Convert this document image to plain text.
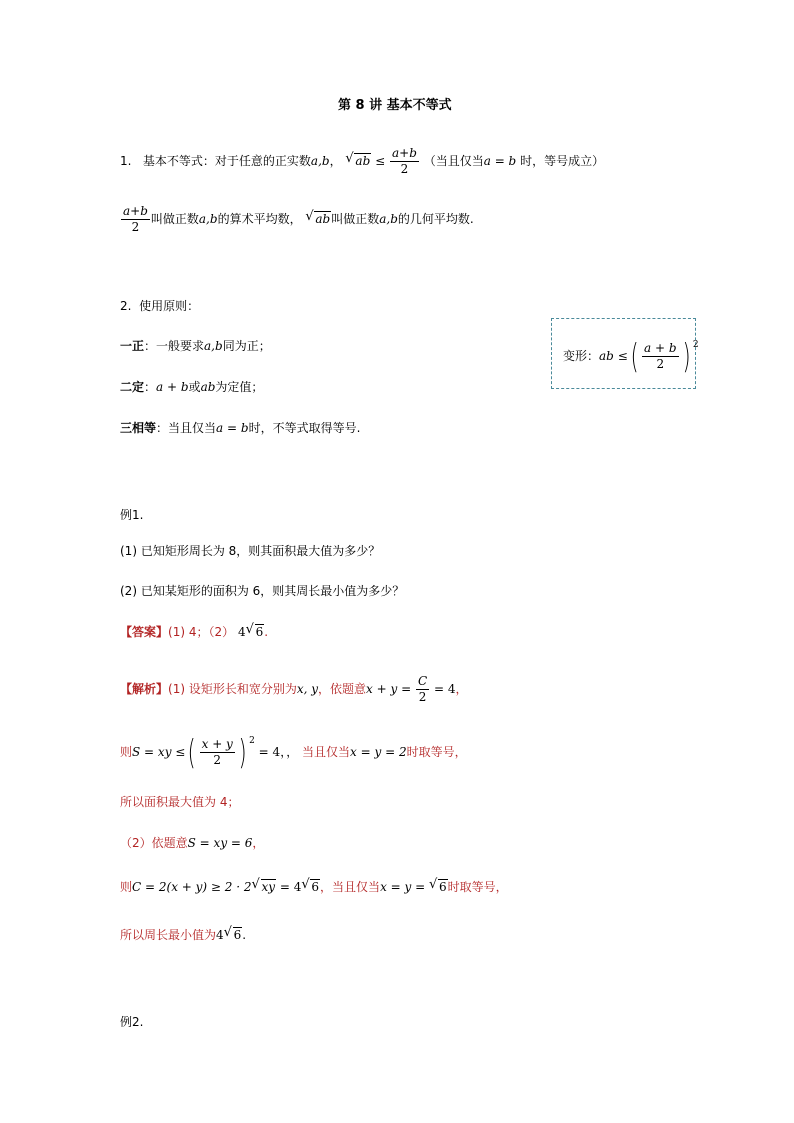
第 8 讲 基本不等式
1. 基本不等式：对于任意的正实数a,b， √ ab ≤ $\frac{a+b}{2}$ （当且仅当a = b 时，等号成立）
$\frac{a+b}{2}$ 叫做正数a,b的算术平均数， √ ab叫做正数a,b的几何平均数.
2. 使用原则：
一正：一般要求a,b同为正；
二定：a + b或ab为定值；
三相等：当且仅当a = b时，不等式取得等号.
变形：ab ≤( $\frac{a + b}{2}$ ) $^2$
例1.
(1) 已知矩形周长为 8，则其面积最大值为多少？
(2) 已知某矩形的面积为 6，则其周长最小值为多少？
【答案】(1) 4；（2） 4 √ 6.
【解析】(1) 设矩形长和宽分别为x, y，依题意$x + y = \frac{C}{2} = 4$，
则S = xy ≤( $\frac{x + y}{2}$ ) $^2$ = 4，， 当且仅当x = y = 2时取等号，
所以面积最大值为 4；
（2）依题意S = xy = 6，
则C = 2(x + y) ≥ 2 · 2 √ xy = 4 √ 6，当且仅当x = y = √ 6时取等号，
所以周长最小值为4 √ 6.
例2.
